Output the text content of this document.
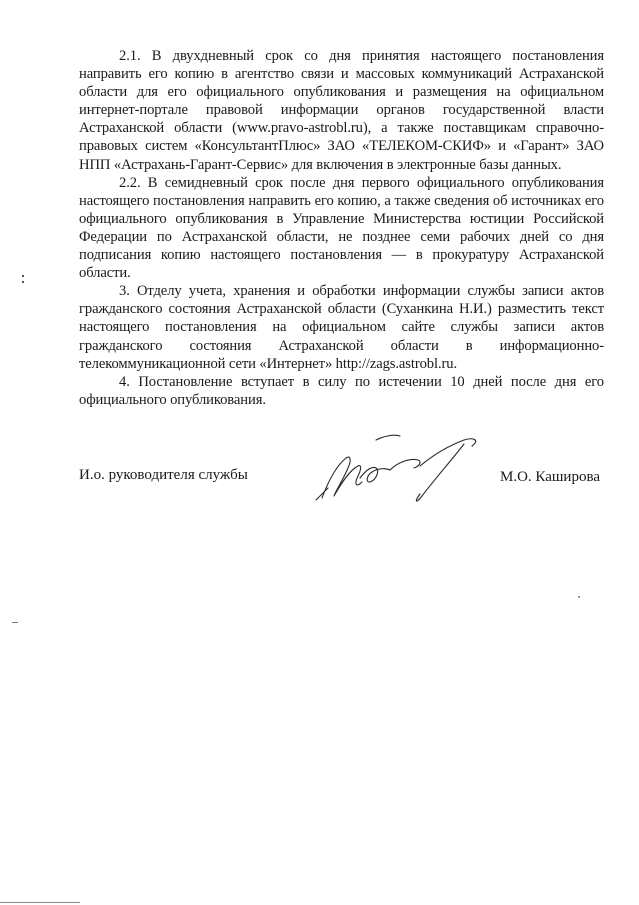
2.1. В двухдневный срок со дня принятия настоящего постановления направить его копию в агентство связи и массовых коммуникаций Астраханской области для его официального опубликования и размещения на официальном интернет-портале правовой информации органов государственной власти Астраханской области (www.pravo-astrobl.ru), а также поставщикам справочно-правовых систем «КонсультантПлюс» ЗАО «ТЕЛЕКОМ-СКИФ» и «Гарант» ЗАО НПП «Астрахань-Гарант-Сервис» для включения в электронные базы данных.

2.2. В семидневный срок после дня первого официального опубликования настоящего постановления направить его копию, а также сведения об источниках его официального опубликования в Управление Министерства юстиции Российской Федерации по Астраханской области, не позднее семи рабочих дней со дня подписания копию настоящего постановления — в прокуратуру Астраханской области.

3. Отделу учета, хранения и обработки информации службы записи актов гражданского состояния Астраханской области (Суханкина Н.И.) разместить текст настоящего постановления на официальном сайте службы записи актов гражданского состояния Астраханской области в информационно-телекоммуникационной сети «Интернет» http://zags.astrobl.ru.

4. Постановление вступает в силу по истечении 10 дней после дня его официального опубликования.

И.о. руководителя службы	М.О. Каширова
